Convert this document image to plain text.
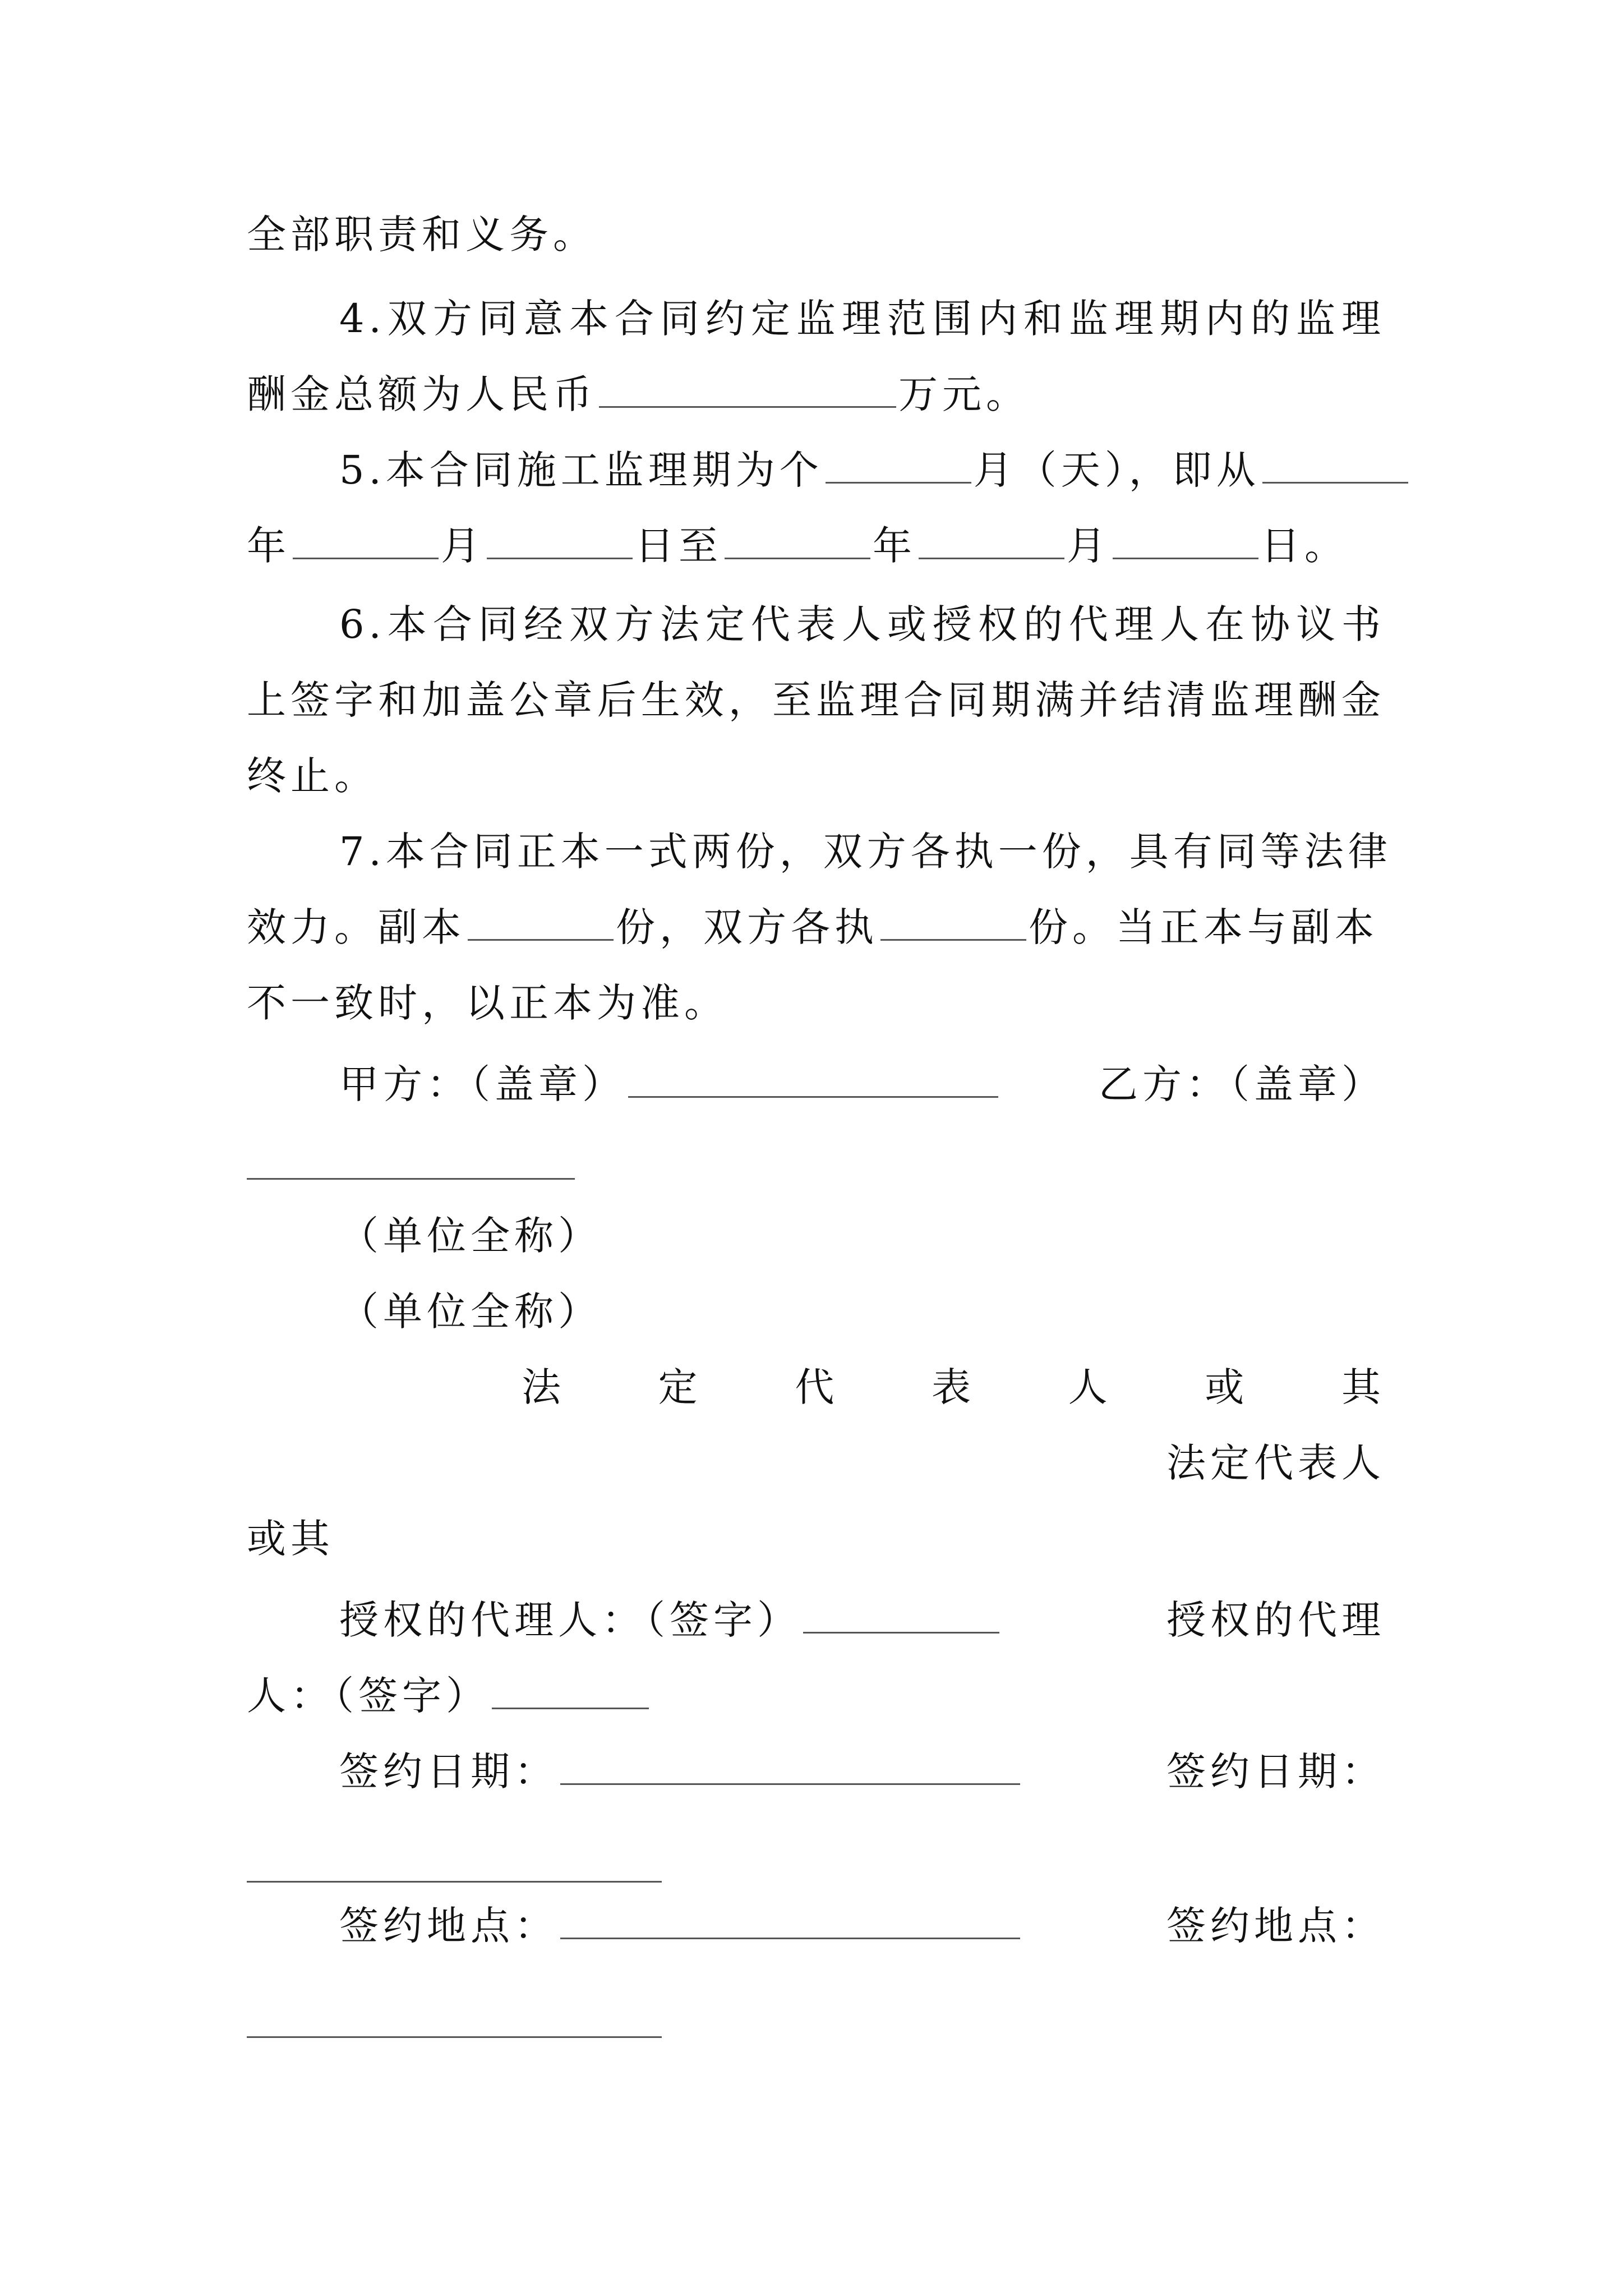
全部职责和义务。
4.双方同意本合同约定监理范围内和监理期内的监理
酬金总额为人民币	万元。
5.本合同施工监理期为个	月（天），即从
年	月	日至	年	月	日。
6.本合同经双方法定代表人或授权的代理人在协议书
上签字和加盖公章后生效，至监理合同期满并结清监理酬金
终止。
7.本合同正本一式两份，双方各执一份，具有同等法律
效力。副本	份，双方各执	份。当正本与副本
不一致时，以正本为准。
甲方：（盖章）	乙方：（盖章）
（单位全称）
（单位全称）
法 定 代 表 人 或 其
法定代表人
或其
授权的代理人：（签字）	授权的代理
人：（签字）
签约日期：	签约日期：
签约地点：	签约地点：
